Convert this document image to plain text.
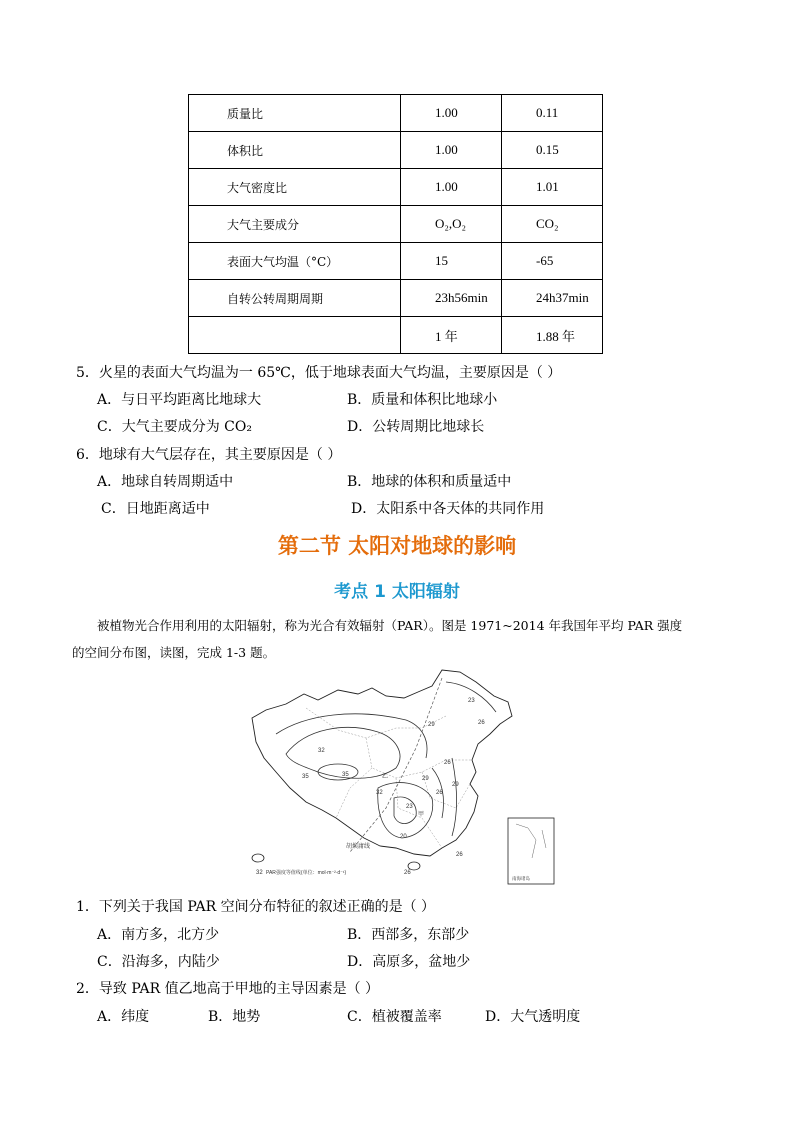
质量比	1.00	0.11
体积比	1.00	0.15
大气密度比	1.00	1.01
大气主要成分	O₂,O₂	CO₂
表面大气均温（°C）	15	-65
自转公转周期周期	23h56min	24h37min
	1 年	1.88 年
5．火星的表面大气均温为一 65℃，低于地球表面大气均温，主要原因是（ ）
A．与日平均距离比地球大	B．质量和体积比地球小
C．大气主要成分为 CO₂	D．公转周期比地球长
6．地球有大气层存在，其主要原因是（ ）
A．地球自转周期适中	B．地球的体积和质量适中
C．日地距离适中	D．太阳系中各天体的共同作用
第二节 太阳对地球的影响
考点 1 太阳辐射
被植物光合作用利用的太阳辐射，称为光合有效辐射（PAR）。图是 1971~2014 年我国年平均 PAR 强度
的空间分布图，读图，完成 1-3 题。
23
26
29
32
35	35
32
29
26
23
20
26
29
26
26
32
甲
乙
胡焕庸线
PAR强度等值线(单位：mol·m⁻²·d⁻¹)
南海诸岛
1．下列关于我国 PAR 空间分布特征的叙述正确的是（ ）
A．南方多，北方少	B．西部多，东部少
C．沿海多，内陆少	D．高原多，盆地少
2．导致 PAR 值乙地高于甲地的主导因素是（ ）
A．纬度	B．地势	C．植被覆盖率	D．大气透明度
